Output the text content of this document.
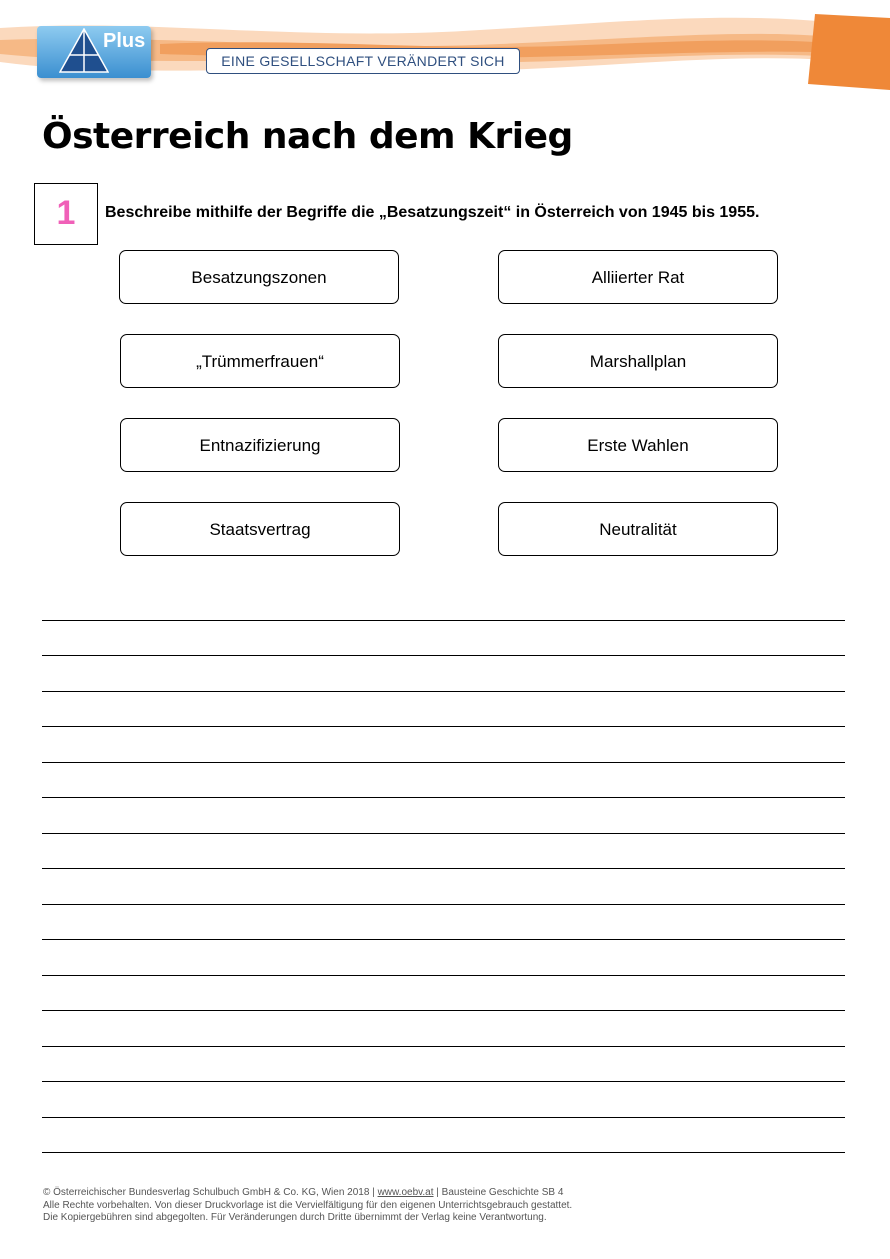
Plus
EINE GESELLSCHAFT VERÄNDERT SICH
Österreich nach dem Krieg
1	Beschreibe mithilfe der Begriffe die „Besatzungszeit“ in Österreich von 1945 bis 1955.
Besatzungszonen	Alliierter Rat
„Trümmerfrauen“	Marshallplan
Entnazifizierung	Erste Wahlen
Staatsvertrag	Neutralität
© Österreichischer Bundesverlag Schulbuch GmbH & Co. KG, Wien 2018 | www.oebv.at | Bausteine Geschichte SB 4
Alle Rechte vorbehalten. Von dieser Druckvorlage ist die Vervielfältigung für den eigenen Unterrichtsgebrauch gestattet.
Die Kopiergebühren sind abgegolten. Für Veränderungen durch Dritte übernimmt der Verlag keine Verantwortung.
